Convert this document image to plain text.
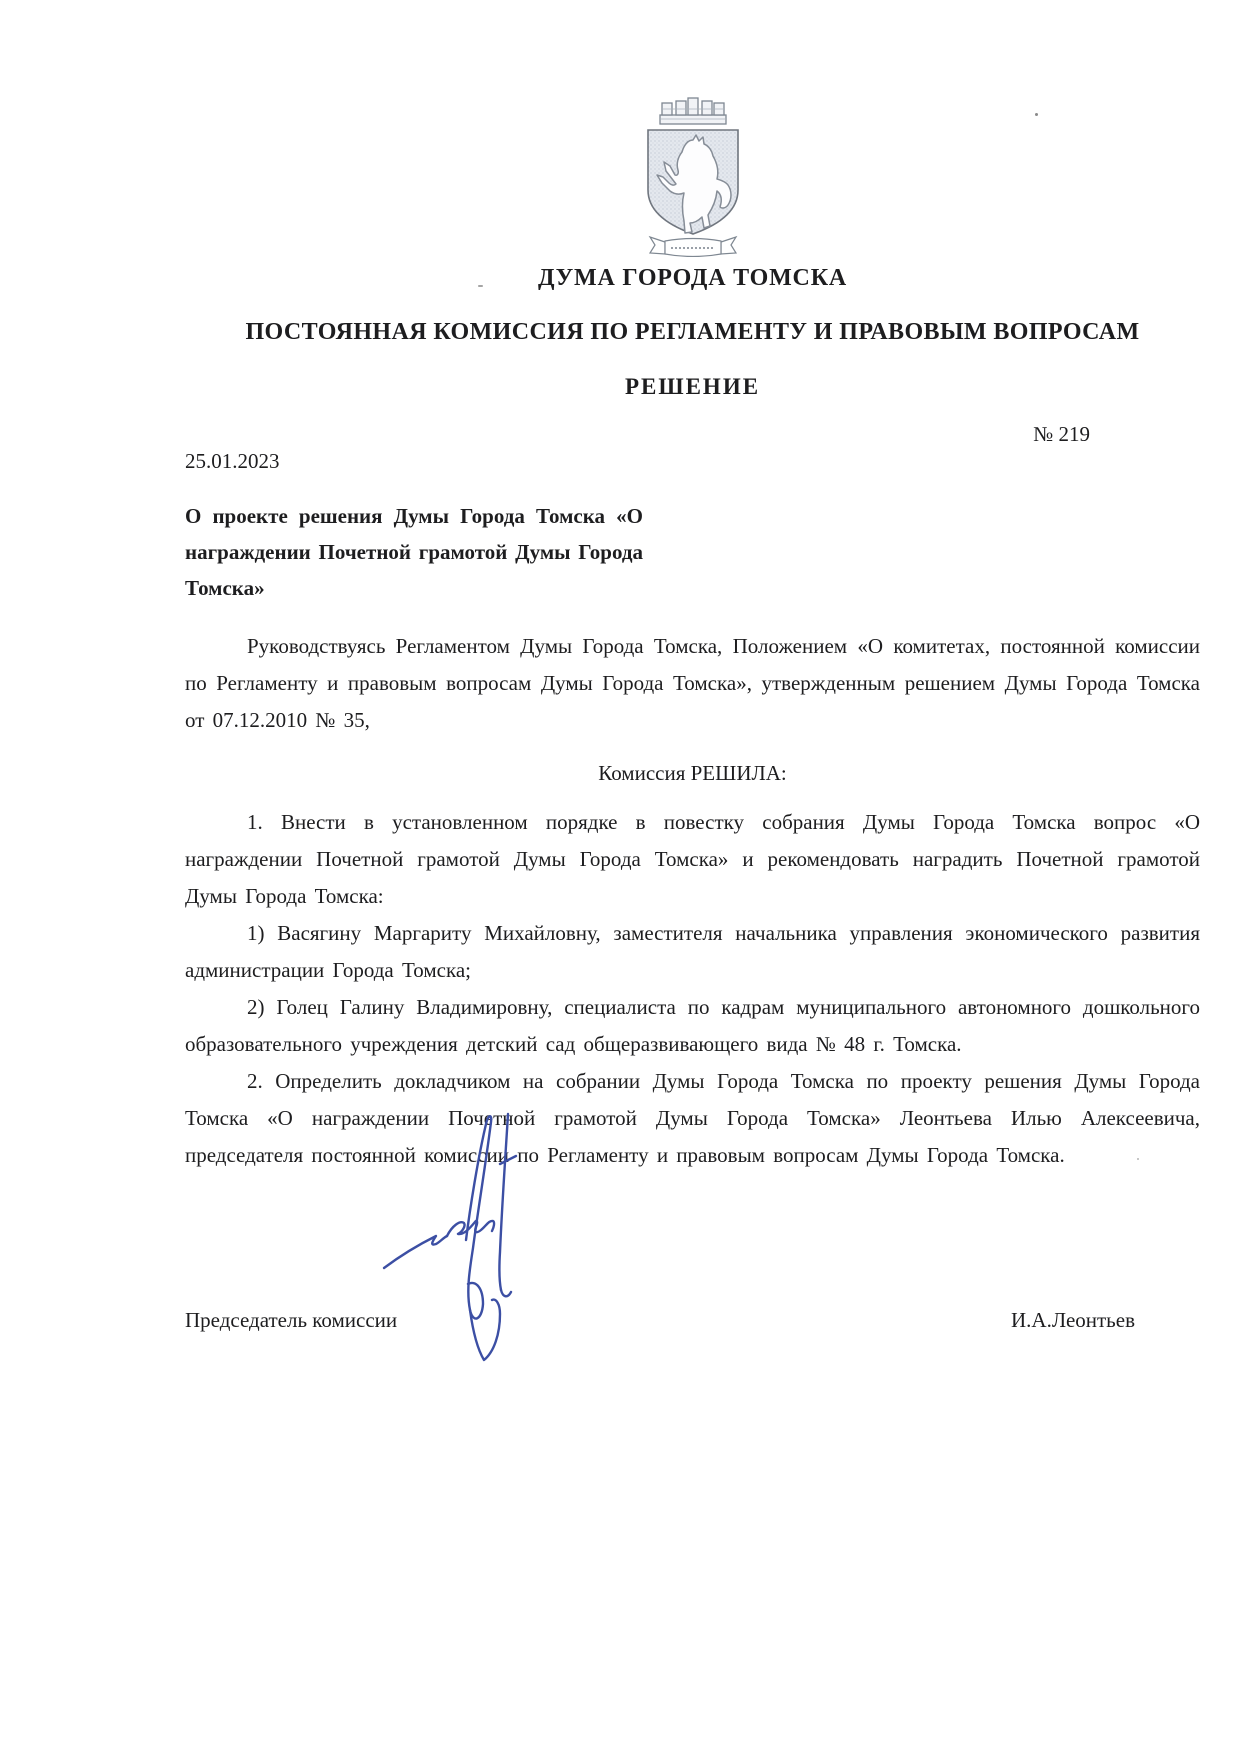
ДУМА ГОРОДА ТОМСКА
ПОСТОЯННАЯ КОМИССИЯ ПО РЕГЛАМЕНТУ И ПРАВОВЫМ ВОПРОСАМ
РЕШЕНИЕ
№ 219
25.01.2023
О проекте решения Думы Города Томска «О награждении Почетной грамотой Думы Города Томска»

Руководствуясь Регламентом Думы Города Томска, Положением «О комитетах, постоянной комиссии по Регламенту и правовым вопросам Думы Города Томска», утвержденным решением Думы Города Томска от 07.12.2010 № 35,

Комиссия РЕШИЛА:

1. Внести в установленном порядке в повестку собрания Думы Города Томска вопрос «О награждении Почетной грамотой Думы Города Томска» и рекомендовать наградить Почетной грамотой Думы Города Томска:

1) Васягину Маргариту Михайловну, заместителя начальника управления экономического развития администрации Города Томска;

2) Голец Галину Владимировну, специалиста по кадрам муниципального автономного дошкольного образовательного учреждения детский сад общеразвивающего вида № 48 г. Томска.

2. Определить докладчиком на собрании Думы Города Томска по проекту решения Думы Города Томска «О награждении Почетной грамотой Думы Города Томска» Леонтьева Илью Алексеевича, председателя постоянной комиссии по Регламенту и правовым вопросам Думы Города Томска.

Председатель комиссии	И.А.Леонтьев
